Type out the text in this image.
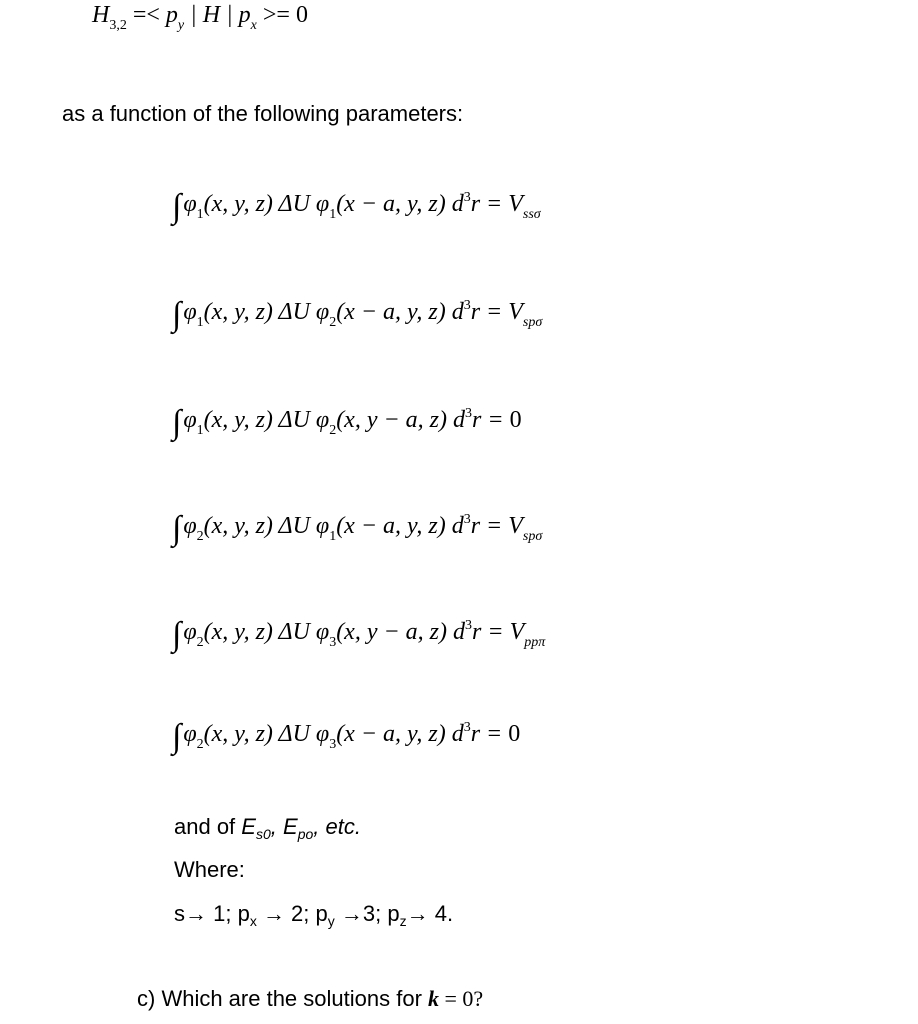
$H_{3,2} =< p_y$ | H | $p_x >= 0$
as a function of the following parameters:
$\int\varphi_1(x$, y, z) ΔU $\varphi_1(x - a$, y, z) $d^3r = V_{ss\sigma}$
$\int\varphi_1(x$, y, z) ΔU $\varphi_2(x - a$, y, z) $d^3r = V_{sp\sigma}$
$\int\varphi_1(x$, y, z) ΔU $\varphi_2(x$, y − a, z) $d^3r = 0$
$\int\varphi_2(x$, y, z) ΔU $\varphi_1(x - a$, y, z) $d^3r = V_{sp\sigma}$
$\int\varphi_2(x$, y, z) ΔU $\varphi_3(x$, y − a, z) $d^3r = V_{pp\pi}$
$\int\varphi_2(x$, y, z) ΔU $\varphi_3(x - a$, y, z) $d^3r = 0$
and of $E_{s0}$, $E_{po}$, etc.
Where:
s→ 1; $p_x \to 2$; $p_y \to 3$; $p_z\to 4$.
c) Which are the solutions for k = 0?
